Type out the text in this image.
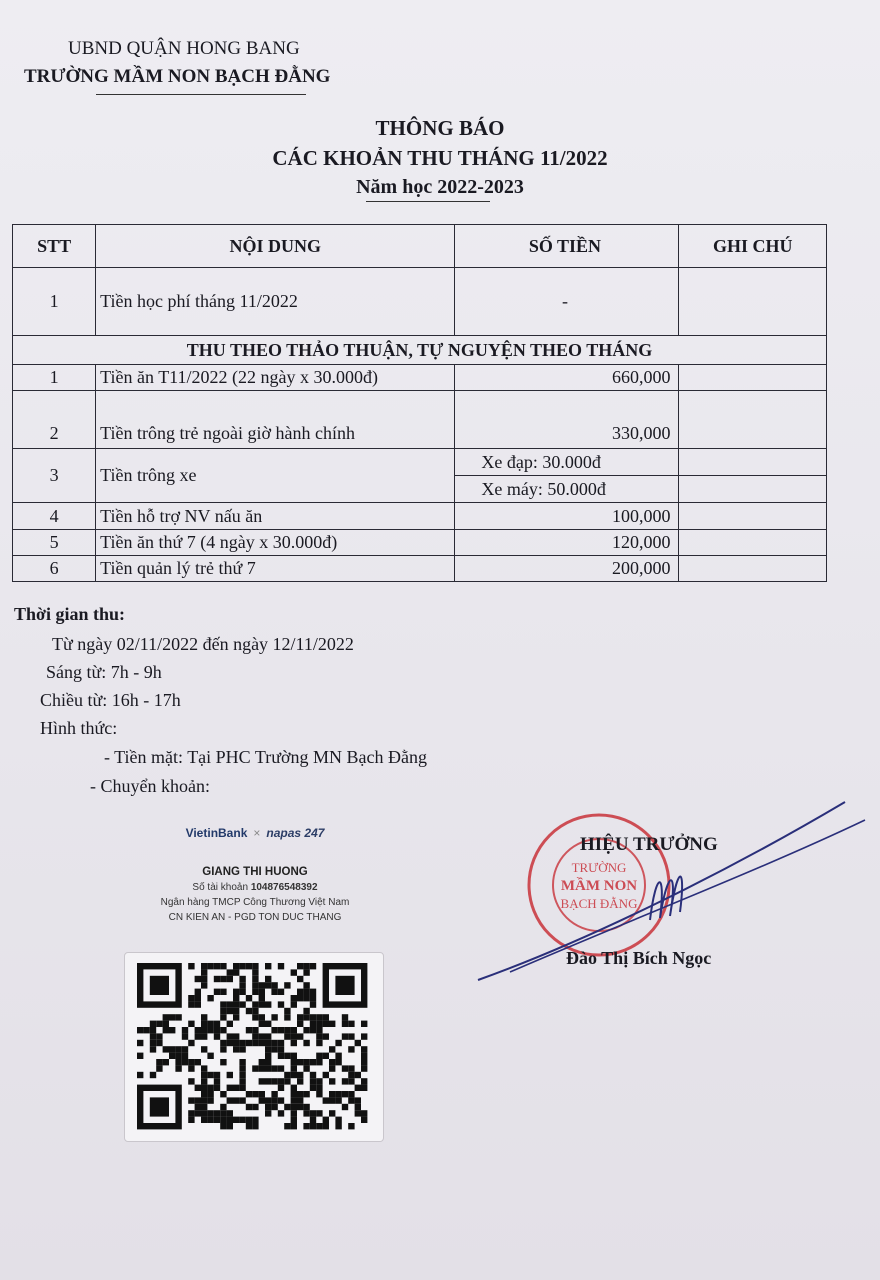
UBND QUẬN HONG BANG
TRƯỜNG MẦM NON BẠCH ĐẰNG
THÔNG BÁO
CÁC KHOẢN THU THÁNG 11/2022
Năm học 2022-2023
STT	NỘI DUNG	SỐ TIỀN	GHI CHÚ
1	Tiền học phí tháng 11/2022	-	
THU THEO THẢO THUẬN, TỰ NGUYỆN THEO THÁNG			
1	Tiền ăn T11/2022 (22 ngày x 30.000đ)	660,000	
2	Tiền trông trẻ ngoài giờ hành chính	330,000	
3	Tiền trông xe	Xe đạp: 30.000đ	
		Xe máy: 50.000đ	
4	Tiền hỗ trợ NV nấu ăn	100,000	
5	Tiền ăn thứ 7 (4 ngày x 30.000đ)	120,000	
6	Tiền quản lý trẻ thứ 7	200,000	
Thời gian thu:
Từ ngày 02/11/2022 đến ngày 12/11/2022
Sáng từ: 7h - 9h
Chiều từ: 16h - 17h
Hình thức:
- Tiền mặt: Tại PHC Trường MN Bạch Đằng
- Chuyển khoản:
VietinBank × napas 247
GIANG THI HUONG
Số tài khoản 104876548392
Ngân hàng TMCP Công Thương Việt Nam
CN KIEN AN - PGD TON DUC THANG
TRƯỜNG
MẦM NON
BẠCH ĐẰNG
HIỆU TRƯỞNG
Đào Thị Bích Ngọc
